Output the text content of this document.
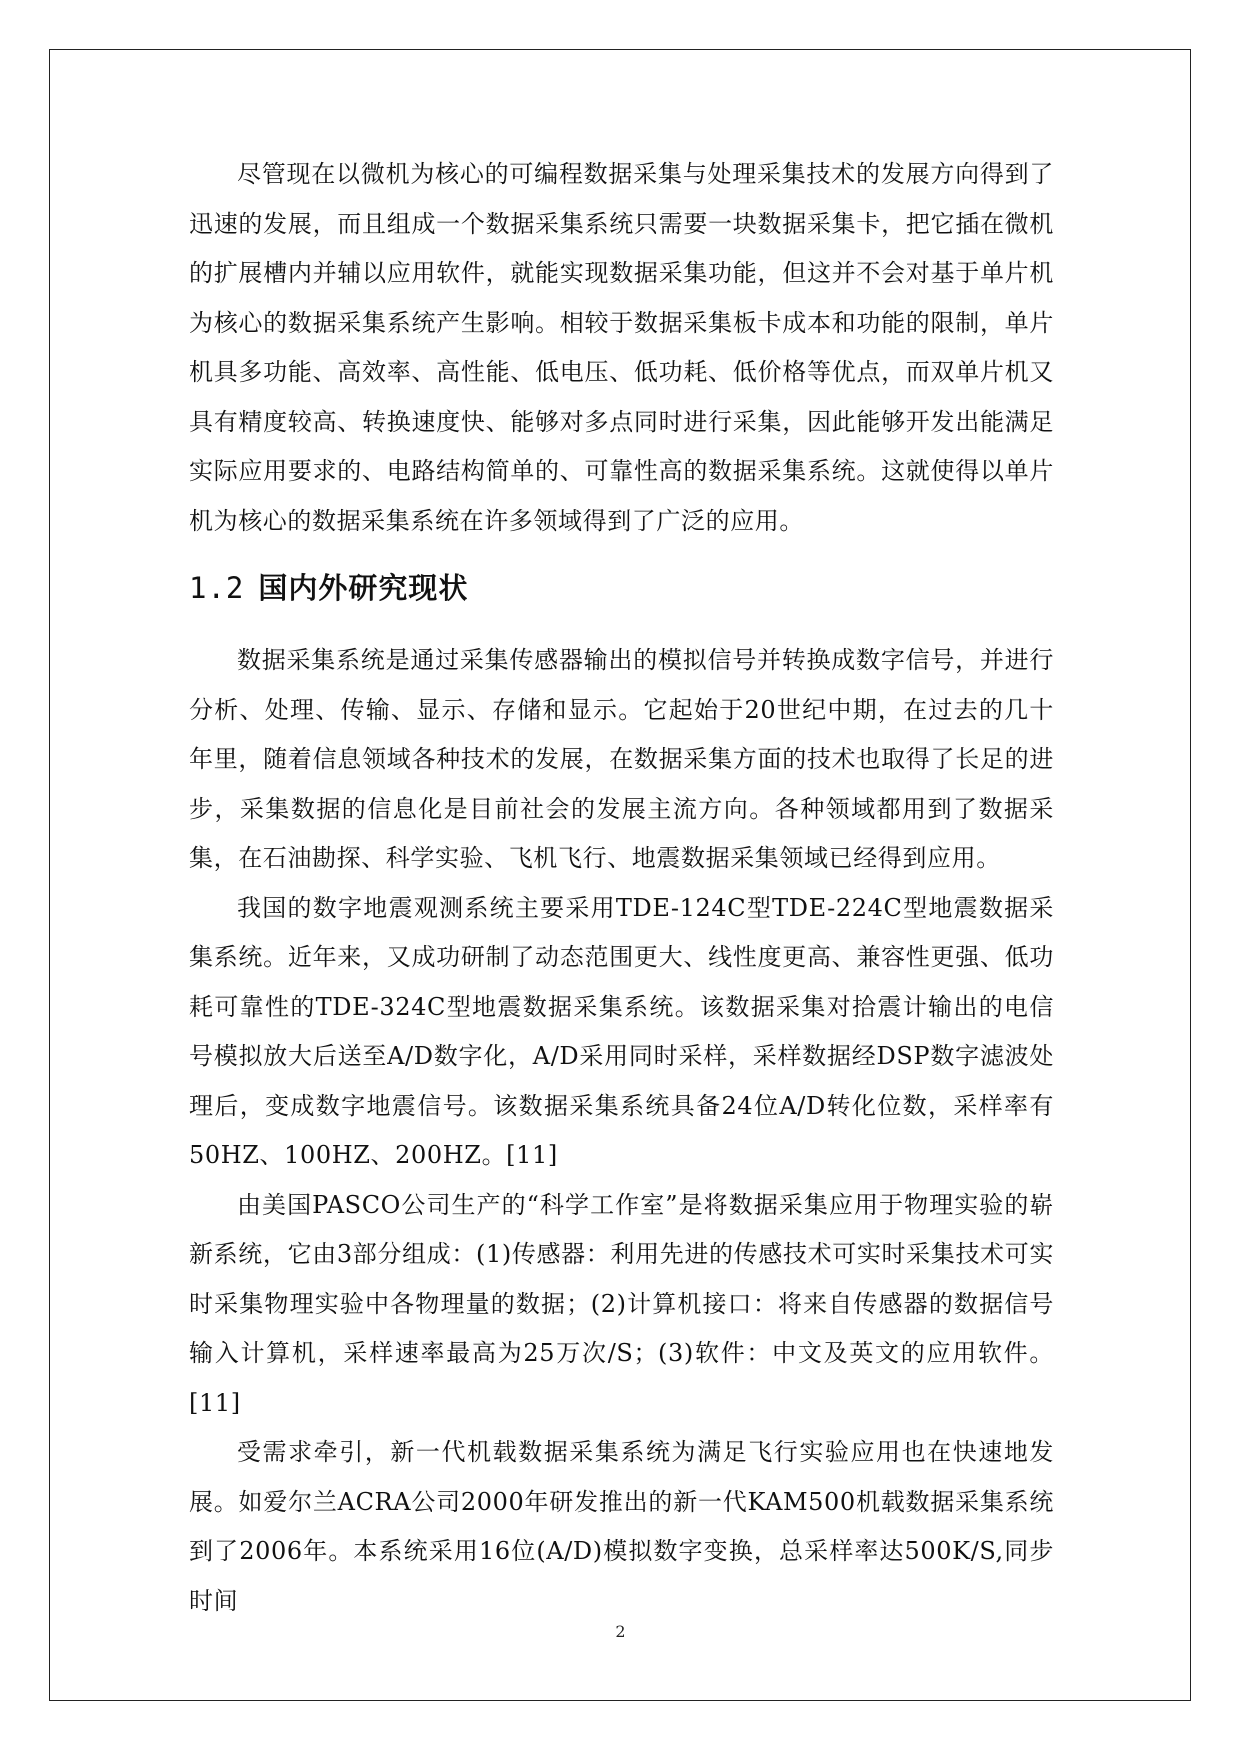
尽管现在以微机为核心的可编程数据采集与处理采集技术的发展方向得到了迅速的发展，而且组成一个数据采集系统只需要一块数据采集卡，把它插在微机的扩展槽内并辅以应用软件，就能实现数据采集功能，但这并不会对基于单片机为核心的数据采集系统产生影响。相较于数据采集板卡成本和功能的限制，单片机具多功能、高效率、高性能、低电压、低功耗、低价格等优点，而双单片机又具有精度较高、转换速度快、能够对多点同时进行采集，因此能够开发出能满足实际应用要求的、电路结构简单的、可靠性高的数据采集系统。这就使得以单片机为核心的数据采集系统在许多领域得到了广泛的应用。

1.2 国内外研究现状

数据采集系统是通过采集传感器输出的模拟信号并转换成数字信号，并进行分析、处理、传输、显示、存储和显示。它起始于20世纪中期，在过去的几十年里，随着信息领域各种技术的发展，在数据采集方面的技术也取得了长足的进步，采集数据的信息化是目前社会的发展主流方向。各种领域都用到了数据采集，在石油勘探、科学实验、飞机飞行、地震数据采集领域已经得到应用。

我国的数字地震观测系统主要采用TDE-124C型TDE-224C型地震数据采集系统。近年来，又成功研制了动态范围更大、线性度更高、兼容性更强、低功耗可靠性的TDE-324C型地震数据采集系统。该数据采集对拾震计输出的电信号模拟放大后送至A/D数字化，A/D采用同时采样，采样数据经DSP数字滤波处理后，变成数字地震信号。该数据采集系统具备24位A/D转化位数，采样率有50HZ、100HZ、200HZ。[11]

由美国PASCO公司生产的“科学工作室”是将数据采集应用于物理实验的崭新系统，它由3部分组成：(1)传感器：利用先进的传感技术可实时采集技术可实时采集物理实验中各物理量的数据；(2)计算机接口：将来自传感器的数据信号输入计算机，采样速率最高为25万次/S；(3)软件：中文及英文的应用软件。[11]

受需求牵引，新一代机载数据采集系统为满足飞行实验应用也在快速地发展。如爱尔兰ACRA公司2000年研发推出的新一代KAM500机载数据采集系统到了2006年。本系统采用16位(A/D)模拟数字变换，总采样率达500K/S,同步时间

2
